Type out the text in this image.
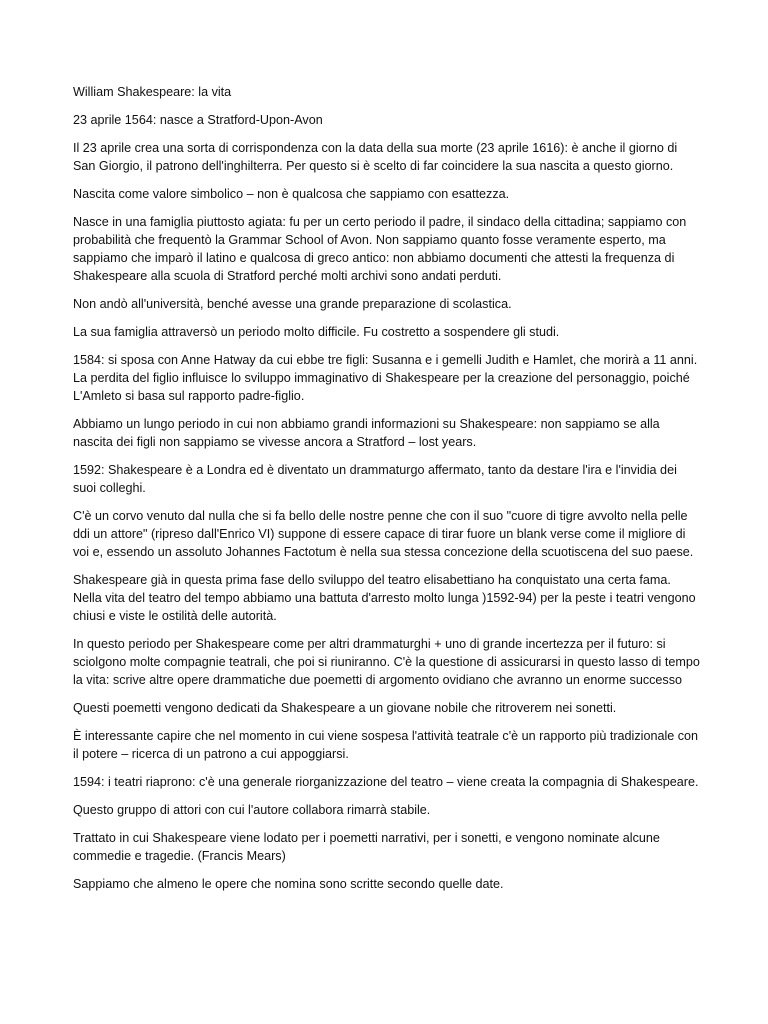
William Shakespeare: la vita

23 aprile 1564: nasce a Stratford-Upon-Avon

Il 23 aprile crea una sorta di corrispondenza con la data della sua morte (23 aprile 1616): è anche il giorno di San Giorgio, il patrono dell'inghilterra. Per questo si è scelto di far coincidere la sua nascita a questo giorno.

Nascita come valore simbolico – non è qualcosa che sappiamo con esattezza.

Nasce in una famiglia piuttosto agiata: fu per un certo periodo il padre, il sindaco della cittadina; sappiamo con probabilità che frequentò la Grammar School of Avon. Non sappiamo quanto fosse veramente esperto, ma sappiamo che imparò il latino e qualcosa di greco antico: non abbiamo documenti che attesti la frequenza di Shakespeare alla scuola di Stratford perché molti archivi sono andati perduti.

Non andò all'università, benché avesse una grande preparazione di scolastica.

La sua famiglia attraversò un periodo molto difficile. Fu costretto a sospendere gli studi.

1584: si sposa con Anne Hatway da cui ebbe tre figli: Susanna e i gemelli Judith e Hamlet, che morirà a 11 anni. La perdita del figlio influisce lo sviluppo immaginativo di Shakespeare per la creazione del personaggio, poiché L'Amleto si basa sul rapporto padre-figlio.

Abbiamo un lungo periodo in cui non abbiamo grandi informazioni su Shakespeare: non sappiamo se alla nascita dei figli non sappiamo se vivesse ancora a Stratford – lost years.

1592: Shakespeare è a Londra ed è diventato un drammaturgo affermato, tanto da destare l'ira e l'invidia dei suoi colleghi.

C'è un corvo venuto dal nulla che si fa bello delle nostre penne che con il suo "cuore di tigre avvolto nella pelle ddi un attore" (ripreso dall'Enrico VI) suppone di essere capace di tirar fuore un blank verse come il migliore di voi e, essendo un assoluto Johannes Factotum è nella sua stessa concezione della scuotiscena del suo paese.

Shakespeare già in questa prima fase dello sviluppo del teatro elisabettiano ha conquistato una certa fama. Nella vita del teatro del tempo abbiamo una battuta d'arresto molto lunga )1592-94) per la peste i teatri vengono chiusi e viste le ostilità delle autorità.

In questo periodo per Shakespeare come per altri drammaturghi + uno di grande incertezza per il futuro: si sciolgono molte compagnie teatrali, che poi si riuniranno. C'è la questione di assicurarsi in questo lasso di tempo la vita: scrive altre opere drammatiche due poemetti di argomento ovidiano che avranno un enorme successo

Questi poemetti vengono dedicati da Shakespeare a un giovane nobile che ritroverem nei sonetti.

È interessante capire che nel momento in cui viene sospesa l'attività teatrale c'è un rapporto più tradizionale con il potere – ricerca di un patrono a cui appoggiarsi.

1594: i teatri riaprono: c'è una generale riorganizzazione del teatro – viene creata la compagnia di Shakespeare.

Questo gruppo di attori con cui l'autore collabora rimarrà stabile.

Trattato in cui Shakespeare viene lodato per i poemetti narrativi, per i sonetti, e vengono nominate alcune commedie e tragedie. (Francis Mears)

Sappiamo che almeno le opere che nomina sono scritte secondo quelle date.
